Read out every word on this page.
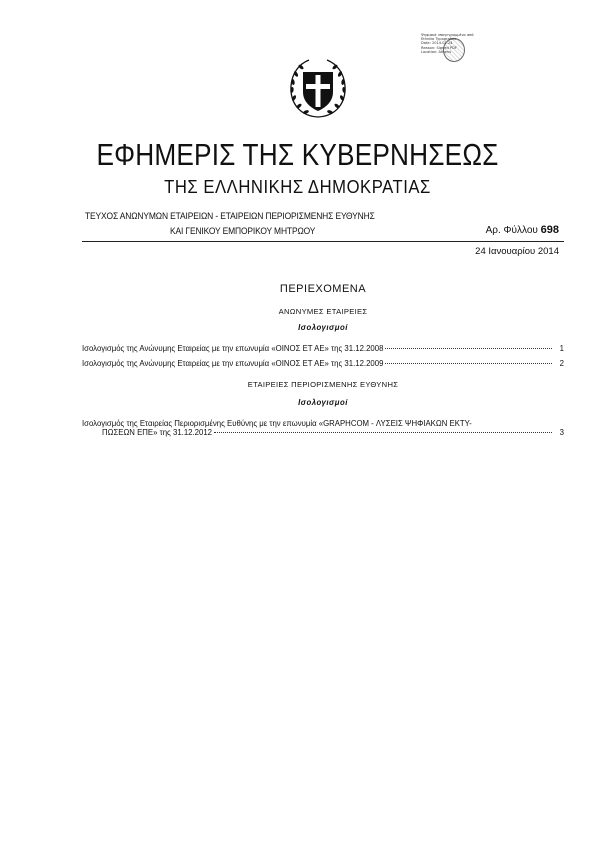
Ψηφιακά υπογεγραμμένο από
Ethniko Typografeio
Date: 2014.01.24
Reason: Signed PDF
Location: Athens
ΕΦΗΜΕΡΙΣ ΤΗΣ ΚΥΒΕΡΝΗΣΕΩΣ
ΤΗΣ ΕΛΛΗΝΙΚΗΣ ΔΗΜΟΚΡΑΤΙΑΣ
ΤΕΥΧΟΣ ΑΝΩΝΥΜΩΝ ΕΤΑΙΡΕΙΩΝ - ΕΤΑΙΡΕΙΩΝ ΠΕΡΙΟΡΙΣΜΕΝΗΣ ΕΥΘΥΝΗΣ
ΚΑΙ ΓΕΝΙΚΟΥ ΕΜΠΟΡΙΚΟΥ ΜΗΤΡΩΟΥ	Αρ. Φύλλου 698
24 Ιανουαρίου 2014
ΠΕΡΙΕΧΟΜΕΝΑ
ΑΝΩΝΥΜΕΣ ΕΤΑΙΡΕΙΕΣ
Ισολογισμοί
Ισολογισμός της Ανώνυμης Εταιρείας με την επωνυμία «ΟΙΝΟΣ ΕΤ ΑΕ» της 31.12.2008	1
Ισολογισμός της Ανώνυμης Εταιρείας με την επωνυμία «ΟΙΝΟΣ ΕΤ ΑΕ» της 31.12.2009	2
ΕΤΑΙΡΕΙΕΣ ΠΕΡΙΟΡΙΣΜΕΝΗΣ ΕΥΘΥΝΗΣ
Ισολογισμοί
Ισολογισμός της Εταιρείας Περιορισμένης Ευθύνης με την επωνυμία «GRAPHCOM - ΛΥΣΕΙΣ ΨΗΦΙΑΚΩΝ ΕΚΤΥ-
ΠΩΣΕΩΝ ΕΠΕ» της 31.12.2012	3
